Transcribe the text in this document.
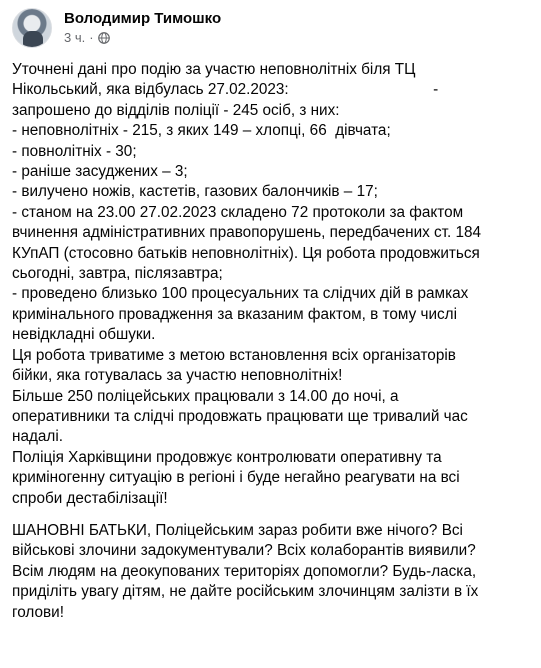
Володимир Тимошко
3 ч. ·

Уточнені дані про подію за участю неповнолітніх біля ТЦ

Нікольський, яка відбулась 27.02.2023:                                  -

запрошено до відділів поліції - 245 осіб, з них:

- неповнолітніх - 215, з яких 149 – хлопці, 66  дівчата;

- повнолітніх - 30;

- раніше засуджених – 3;

- вилучено ножів, кастетів, газових балончиків – 17;

- станом на 23.00 27.02.2023 складено 72 протоколи за фактом

вчинення адміністративних правопорушень, передбачених ст. 184

КУпАП (стосовно батьків неповнолітніх). Ця робота продовжиться

сьогодні, завтра, післязавтра;

- проведено близько 100 процесуальних та слідчих дій в рамках

кримінального провадження за вказаним фактом, в тому числі

невідкладні обшуки.

Ця робота триватиме з метою встановлення всіх організаторів

бійки, яка готувалась за участю неповнолітніх!

Більше 250 поліцейських працювали з 14.00 до ночі, а

оперативники та слідчі продовжать працювати ще тривалий час

надалі.

Поліція Харківщини продовжує контролювати оперативну та

криміногенну ситуацію в регіоні і буде негайно реагувати на всі

спроби дестабілізації!

ШАНОВНІ БАТЬКИ, Поліцейським зараз робити вже нічого? Всі

військові злочини задокументували? Всіх колаборантів виявили?

Всім людям на деокупованих територіях допомогли? Будь-ласка,

приділіть увагу дітям, не дайте російським злочинцям залізти в їх

голови!
